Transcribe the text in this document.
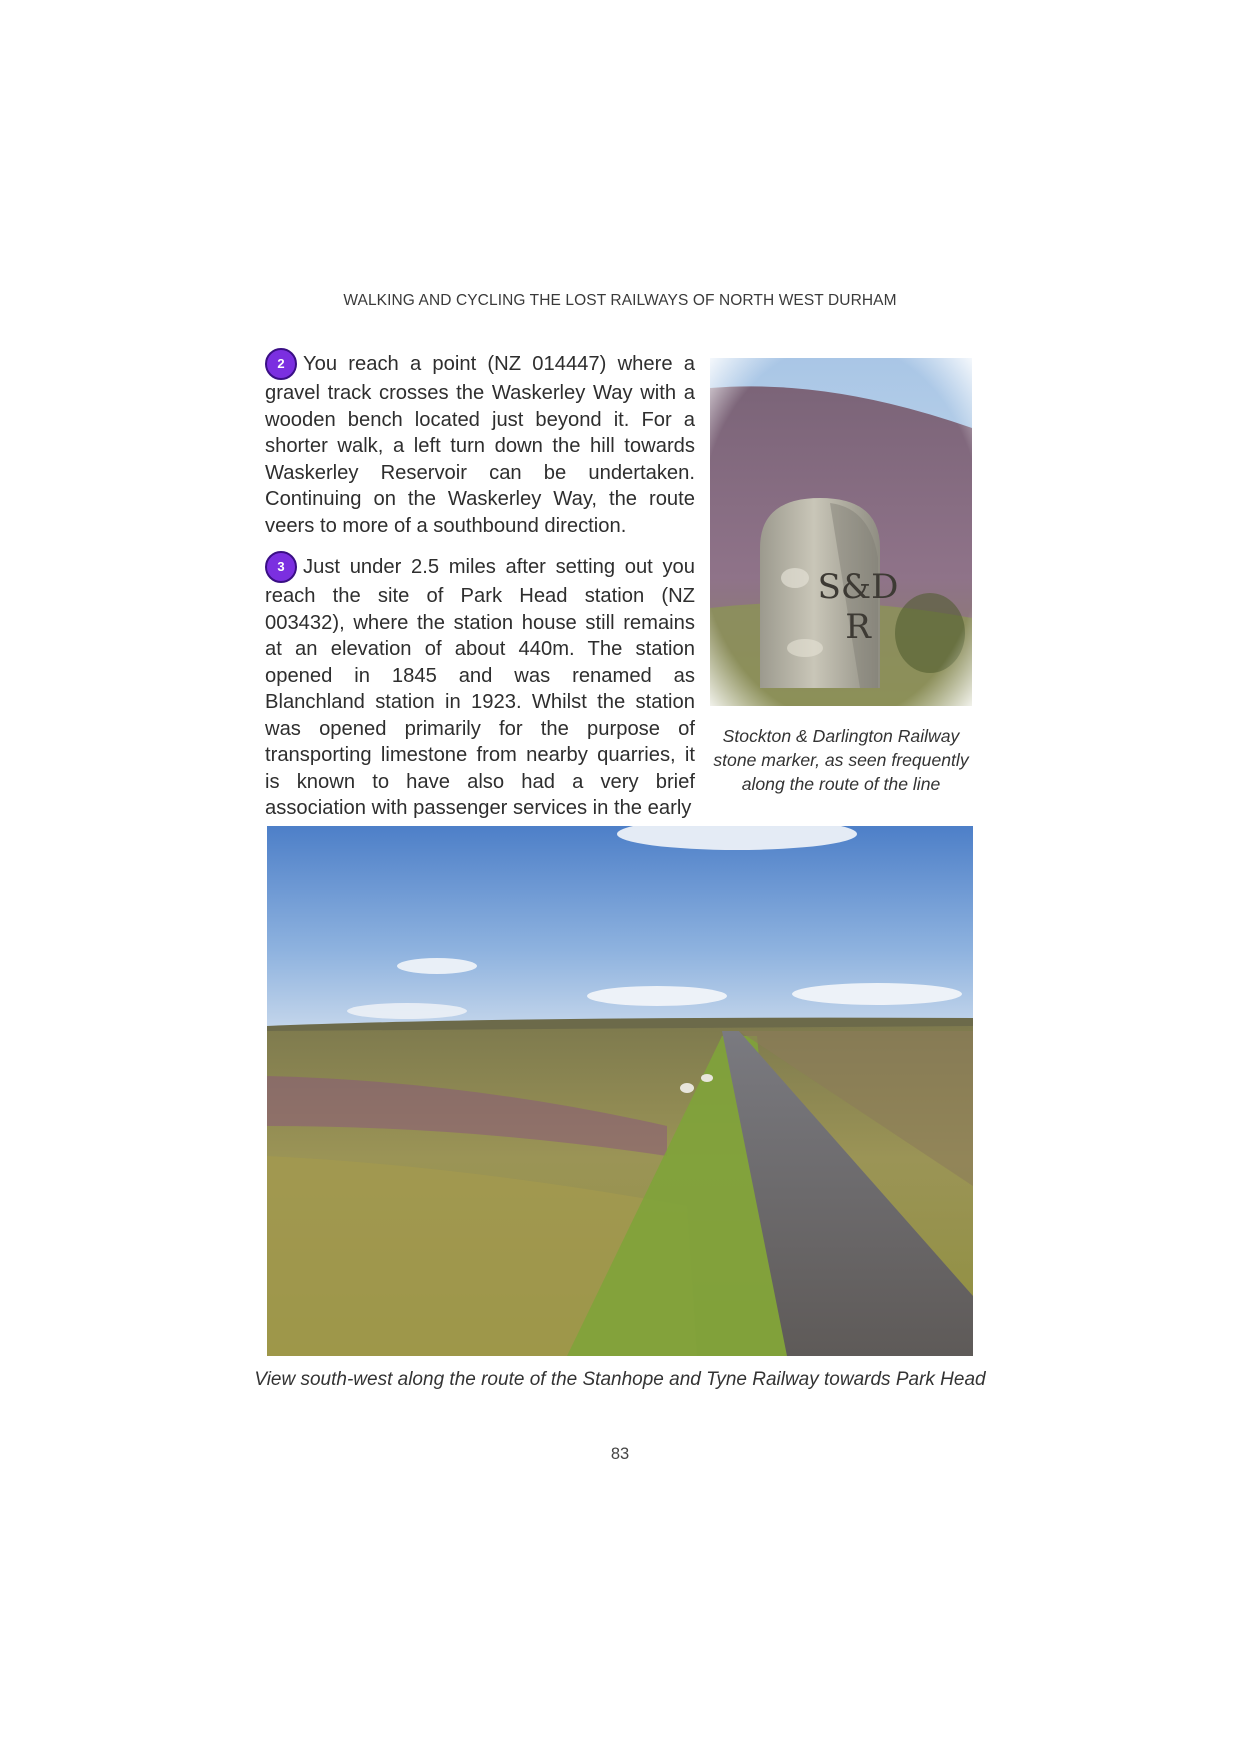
WALKING AND CYCLING THE LOST RAILWAYS OF NORTH WEST DURHAM

2 You reach a point (NZ 014447) where a gravel track crosses the Waskerley Way with a wooden bench located just beyond it. For a shorter walk, a left turn down the hill towards Waskerley Reservoir can be undertaken. Continuing on the Waskerley Way, the route veers to more of a southbound direction.

3 Just under 2.5 miles after setting out you reach the site of Park Head station (NZ 003432), where the station house still remains at an elevation of about 440m. The station opened in 1845 and was renamed as Blanchland station in 1923. Whilst the station was opened primarily for the purpose of transporting limestone from nearby quarries, it is known to have also had a very brief association with passenger services in the early

Stockton & Darlington Railway stone marker, as seen frequently along the route of the line
View south-west along the route of the Stanhope and Tyne Railway towards Park Head
83
